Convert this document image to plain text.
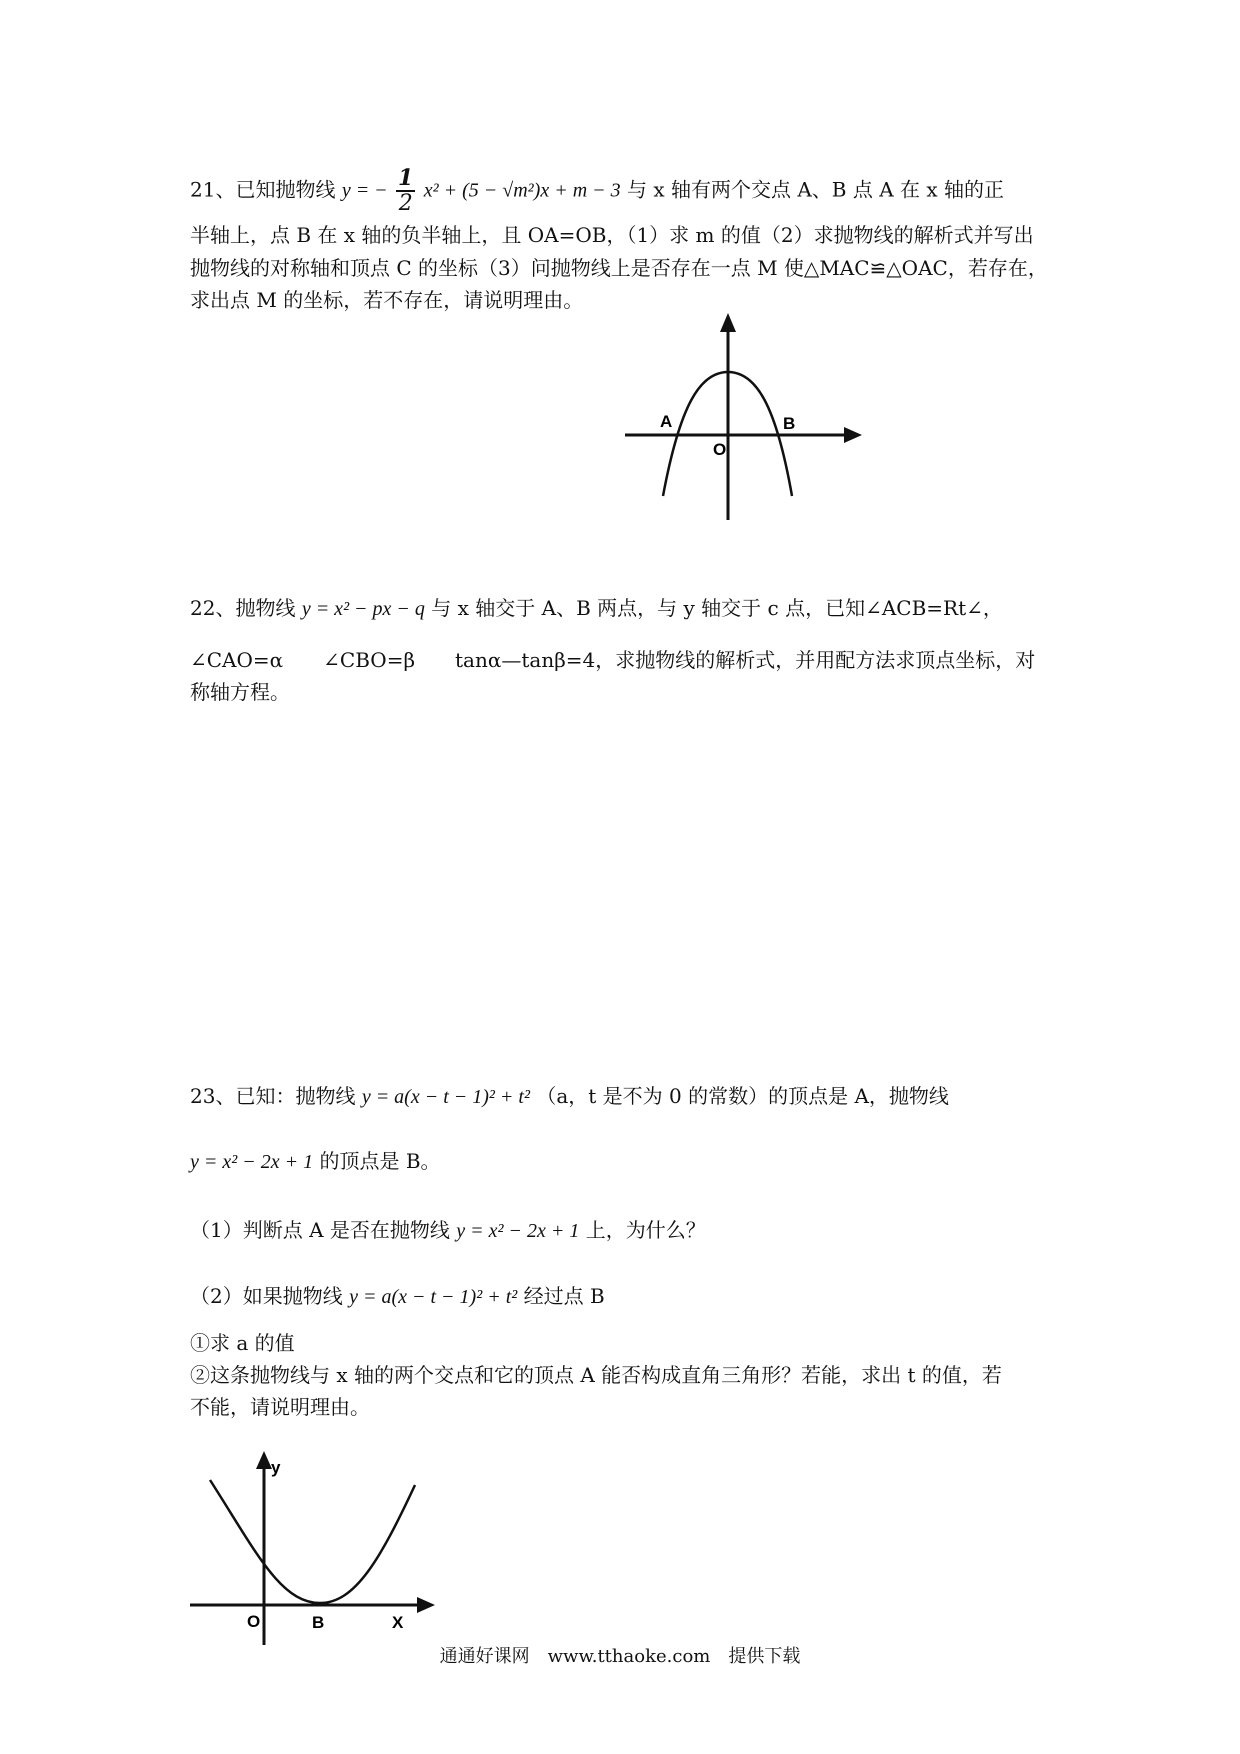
21、已知抛物线 y = − $\frac{1}{2} x^2 + (5 - √m^2)x + m - 3$ 与 x 轴有两个交点 A、B 点 A 在 x 轴的正
半轴上，点 B 在 x 轴的负半轴上，且 OA=OB，（1）求 m 的值（2）求抛物线的解析式并写出
抛物线的对称轴和顶点 C 的坐标（3）问抛物线上是否存在一点 M 使△MAC≌△OAC，若存在，
求出点 M 的坐标，若不存在，请说明理由。
A	B
O
22、抛物线 y = x² − px − q 与 x 轴交于 A、B 两点，与 y 轴交于 c 点，已知∠ACB=Rt∠，
∠CAO=α　　∠CBO=β　　tanα—tanβ=4，求抛物线的解析式，并用配方法求顶点坐标，对
称轴方程。
23、已知：抛物线 y = a(x − t − 1)² + t² （a，t 是不为 0 的常数）的顶点是 A，抛物线
y = x² − 2x + 1 的顶点是 B。
（1）判断点 A 是否在抛物线 y = x² − 2x + 1 上，为什么？
（2）如果抛物线 y = a(x − t − 1)² + t² 经过点 B
①求 a 的值
②这条抛物线与 x 轴的两个交点和它的顶点 A 能否构成直角三角形？若能，求出 t 的值，若
不能，请说明理由。
y
O	B	X
通通好课网　www.tthaoke.com　提供下载
